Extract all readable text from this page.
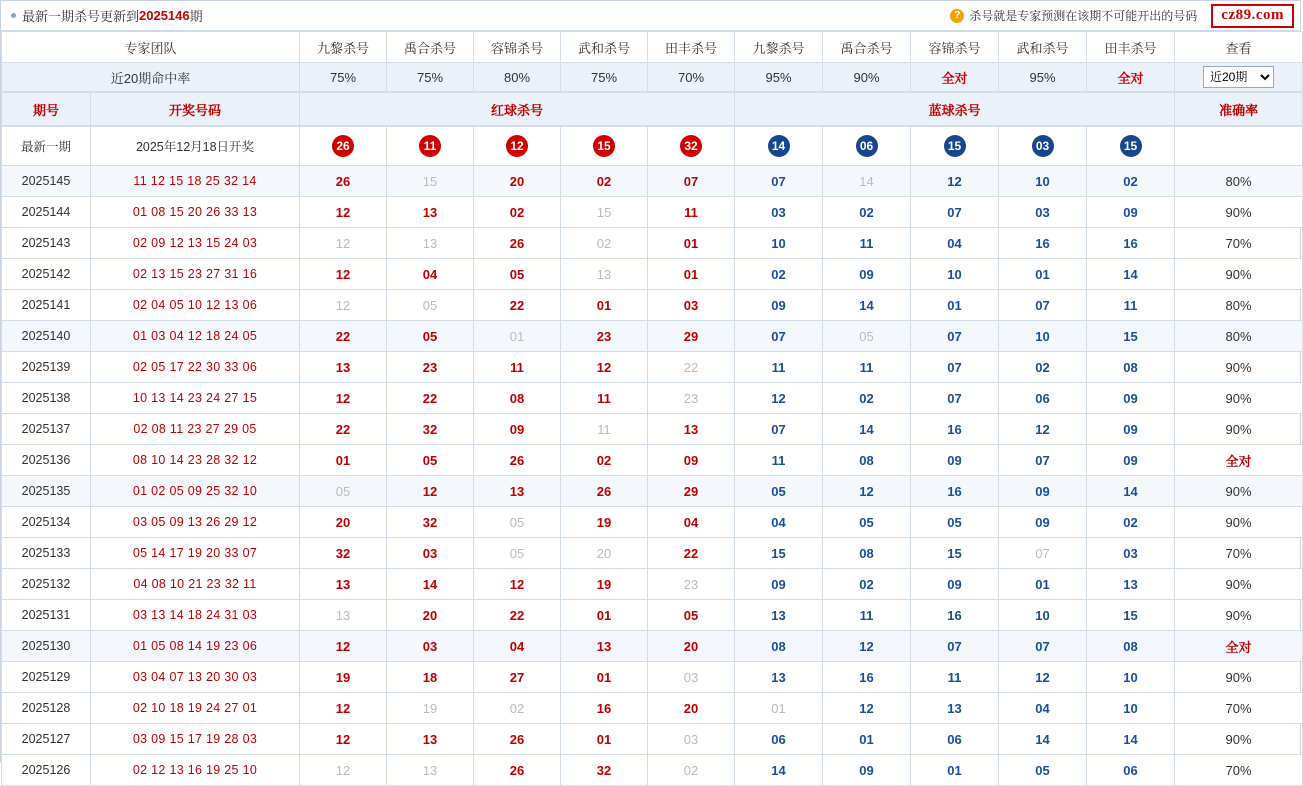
最新一期杀号更新到 2025146 期	? 杀号就是专家预测在该期不可能开出的号码	cz89.com
专家团队	九黎杀号	禹合杀号	容锦杀号	武和杀号	田丰杀号	九黎杀号	禹合杀号	容锦杀号	武和杀号	田丰杀号	查看
近20期命中率	75%	75%	80%	75%	70%	95%	90%	全对	95%	全对	
近20期
期号	开奖号码	红球杀号	蓝球杀号	准确率
最新一期	2025年12月18日开奖	26	11	12	15	32	14	06	15	03	15	
2025145	11 12 15 18 25 32 14	26	15	20	02	07	07	14	12	10	02	80%
2025144	01 08 15 20 26 33 13	12	13	02	15	11	03	02	07	03	09	90%
2025143	02 09 12 13 15 24 03	12	13	26	02	01	10	11	04	16	16	70%
2025142	02 13 15 23 27 31 16	12	04	05	13	01	02	09	10	01	14	90%
2025141	02 04 05 10 12 13 06	12	05	22	01	03	09	14	01	07	11	80%
2025140	01 03 04 12 18 24 05	22	05	01	23	29	07	05	07	10	15	80%
2025139	02 05 17 22 30 33 06	13	23	11	12	22	11	11	07	02	08	90%
2025138	10 13 14 23 24 27 15	12	22	08	11	23	12	02	07	06	09	90%
2025137	02 08 11 23 27 29 05	22	32	09	11	13	07	14	16	12	09	90%
2025136	08 10 14 23 28 32 12	01	05	26	02	09	11	08	09	07	09	全对
2025135	01 02 05 09 25 32 10	05	12	13	26	29	05	12	16	09	14	90%
2025134	03 05 09 13 26 29 12	20	32	05	19	04	04	05	05	09	02	90%
2025133	05 14 17 19 20 33 07	32	03	05	20	22	15	08	15	07	03	70%
2025132	04 08 10 21 23 32 11	13	14	12	19	23	09	02	09	01	13	90%
2025131	03 13 14 18 24 31 03	13	20	22	01	05	13	11	16	10	15	90%
2025130	01 05 08 14 19 23 06	12	03	04	13	20	08	12	07	07	08	全对
2025129	03 04 07 13 20 30 03	19	18	27	01	03	13	16	11	12	10	90%
2025128	02 10 18 19 24 27 01	12	19	02	16	20	01	12	13	04	10	70%
2025127	03 09 15 17 19 28 03	12	13	26	01	03	06	01	06	14	14	90%
2025126	02 12 13 16 19 25 10	12	13	26	32	02	14	09	01	05	06	70%
